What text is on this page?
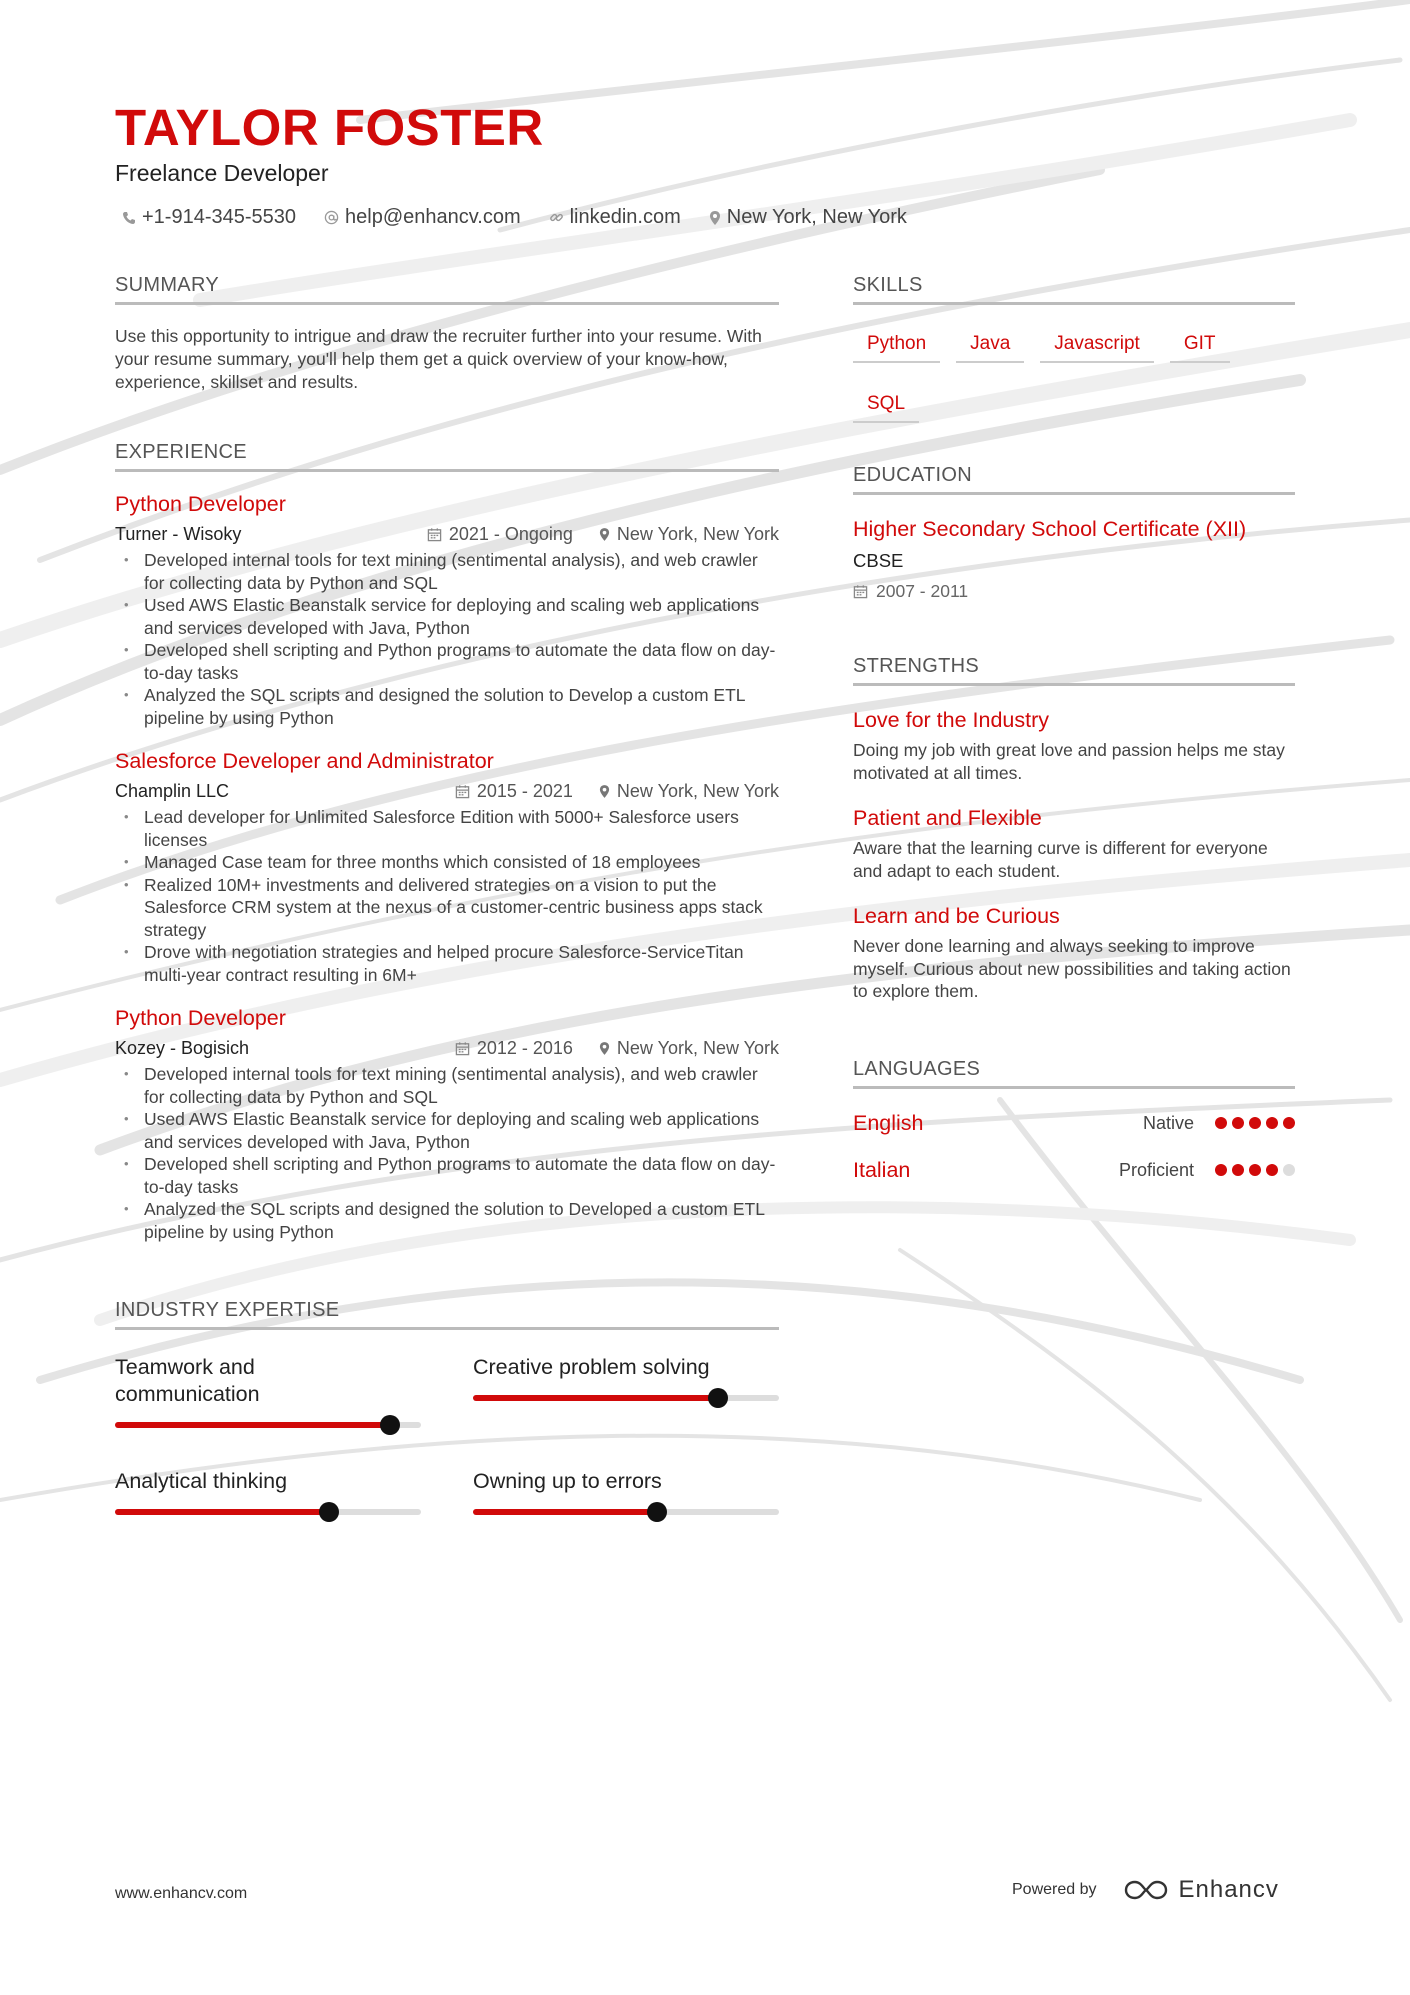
TAYLOR FOSTER
Freelance Developer
+1-914-345-5530 help@enhancv.com linkedin.com New York, New York
SUMMARY
Use this opportunity to intrigue and draw the recruiter further into your resume. With your resume summary, you'll help them get a quick overview of your know-how, experience, skillset and results.
EXPERIENCE
Python Developer
Turner - Wisoky	2021 - Ongoing New York, New York
• Developed internal tools for text mining (sentimental analysis), and web crawler for collecting data by Python and SQL
• Used AWS Elastic Beanstalk service for deploying and scaling web applications and services developed with Java, Python
• Developed shell scripting and Python programs to automate the data flow on day-to-day tasks
• Analyzed the SQL scripts and designed the solution to Develop a custom ETL pipeline by using Python
Salesforce Developer and Administrator
Champlin LLC	2015 - 2021 New York, New York
• Lead developer for Unlimited Salesforce Edition with 5000+ Salesforce users licenses
• Managed Case team for three months which consisted of 18 employees
• Realized 10M+ investments and delivered strategies on a vision to put the Salesforce CRM system at the nexus of a customer-centric business apps stack strategy
• Drove with negotiation strategies and helped procure Salesforce-ServiceTitan multi-year contract resulting in 6M+
Python Developer
Kozey - Bogisich	2012 - 2016 New York, New York
• Developed internal tools for text mining (sentimental analysis), and web crawler for collecting data by Python and SQL
• Used AWS Elastic Beanstalk service for deploying and scaling web applications and services developed with Java, Python
• Developed shell scripting and Python programs to automate the data flow on day-to-day tasks
• Analyzed the SQL scripts and designed the solution to Developed a custom ETL pipeline by using Python
INDUSTRY EXPERTISE
Teamwork and communication
Creative problem solving
Analytical thinking	Owning up to errors
SKILLS
Python	Java	Javascript	GIT
SQL
EDUCATION
Higher Secondary School Certificate (XII)
CBSE
2007 - 2011
STRENGTHS
Love for the Industry
Doing my job with great love and passion helps me stay motivated at all times.
Patient and Flexible
Aware that the learning curve is different for everyone and adapt to each student.
Learn and be Curious
Never done learning and always seeking to improve myself. Curious about new possibilities and taking action to explore them.
LANGUAGES
English	Native
Italian	Proficient
www.enhancv.com	Powered by	Enhancv
